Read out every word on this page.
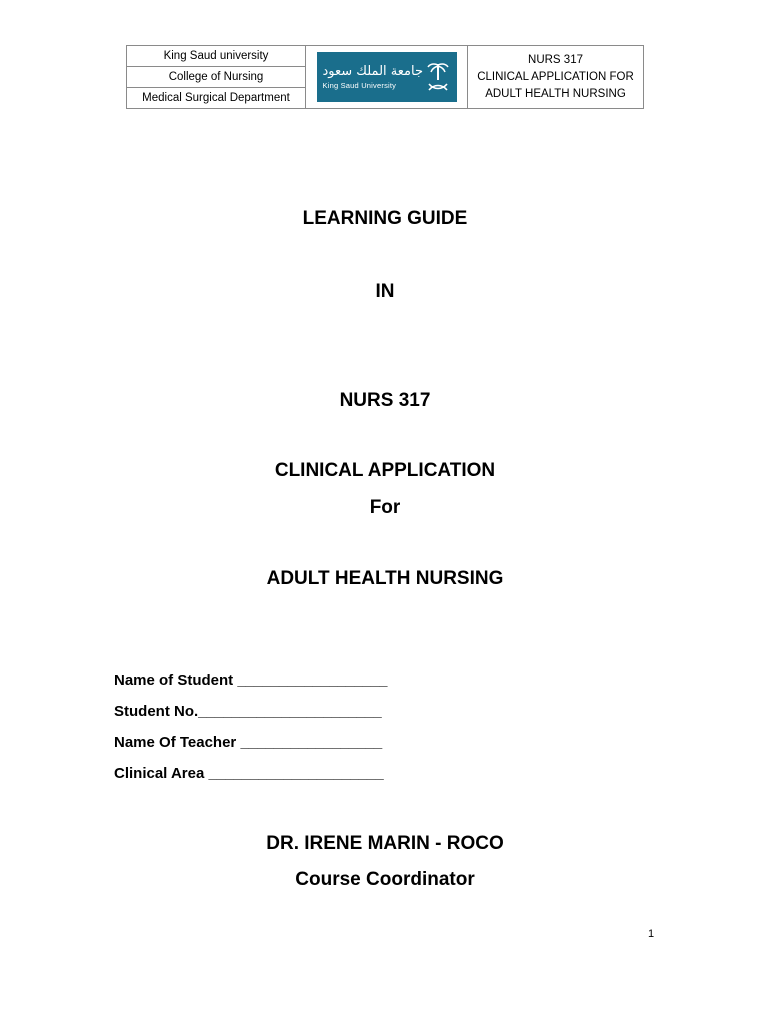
King Saud university
College of Nursing
Medical Surgical Department
جامعة الملك سعود
King Saud University
NURS 317
CLINICAL APPLICATION FOR
ADULT HEALTH NURSING
LEARNING GUIDE
IN
NURS 317
CLINICAL APPLICATION
For
ADULT HEALTH NURSING
Name of Student __________________
Student No.______________________
Name Of Teacher _________________
Clinical Area _____________________
DR. IRENE MARIN - ROCO
Course Coordinator
1
